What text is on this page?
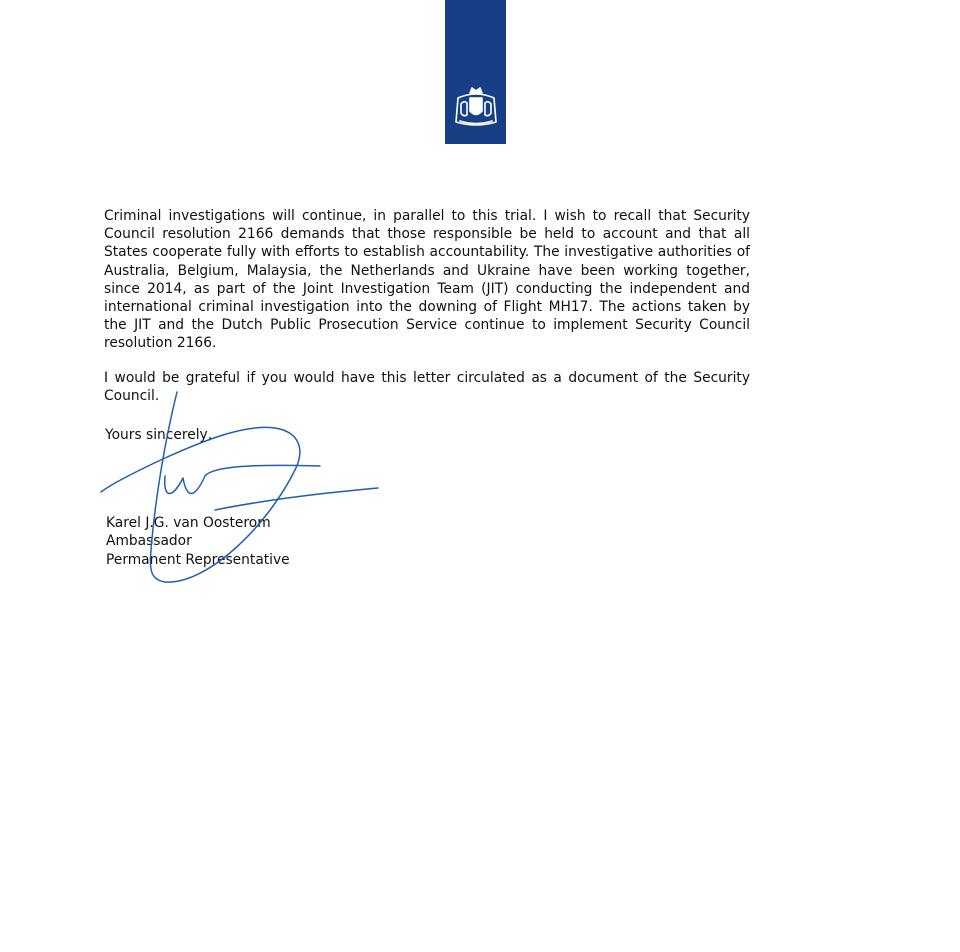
Criminal investigations will continue, in parallel to this trial. I wish to recall that Security Council resolution 2166 demands that those responsible be held to account and that all States cooperate fully with efforts to establish accountability. The investigative authorities of Australia, Belgium, Malaysia, the Netherlands and Ukraine have been working together, since 2014, as part of the Joint Investigation Team (JIT) conducting the independent and international criminal investigation into the downing of Flight MH17. The actions taken by the JIT and the Dutch Public Prosecution Service continue to implement Security Council resolution 2166.

I would be grateful if you would have this letter circulated as a document of the Security Council.

Yours sincerely,
Karel J.G. van Oosterom
Ambassador
Permanent Representative
